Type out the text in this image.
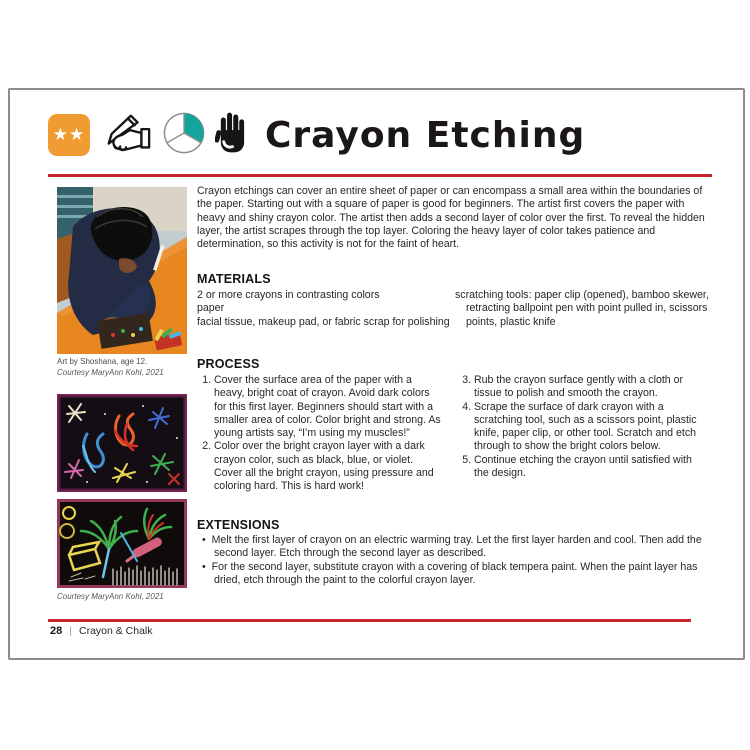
★★	Crayon Etching
Art by Shoshana, age 12.
Courtesy MaryAnn Kohl, 2021
Courtesy MaryAnn Kohl, 2021

Crayon etchings can cover an entire sheet of paper or can encompass a small area within the boundaries of the paper. Starting out with a square of paper is good for beginners. The artist first covers the paper with heavy and shiny crayon color. The artist then adds a second layer of color over the first. To reveal the hidden layer, the artist scrapes through the top layer. Coloring the heavy layer of color takes patience and determination, so this activity is not for the faint of heart.

MATERIALS
2 or more crayons in contrasting colors
paper
facial tissue, makeup pad, or fabric scrap for polishing
scratching tools: paper clip (opened), bamboo skewer, retracting ballpoint pen with point pulled in, scissors points, plastic knife
PROCESS
1. Cover the surface area of the paper with a heavy, bright coat of crayon. Avoid dark colors for this first layer. Beginners should start with a smaller area of color. Color bright and strong. As young artists say, “I’m using my muscles!”
2. Color over the bright crayon layer with a dark crayon color, such as black, blue, or violet. Cover all the bright crayon, using pressure and coloring hard. This is hard work!
3. Rub the crayon surface gently with a cloth or tissue to polish and smooth the crayon.
4. Scrape the surface of dark crayon with a scratching tool, such as a scissors point, plastic knife, paper clip, or other tool. Scratch and etch through to show the bright colors below.
5. Continue etching the crayon until satisfied with the design.
EXTENSIONS
•  Melt the first layer of crayon on an electric warming tray. Let the first layer harden and cool. Then add the second layer. Etch through the second layer as described.
•  For the second layer, substitute crayon with a covering of black tempera paint. When the paint layer has dried, etch through the paint to the colorful crayon layer.
28 | Crayon & Chalk
